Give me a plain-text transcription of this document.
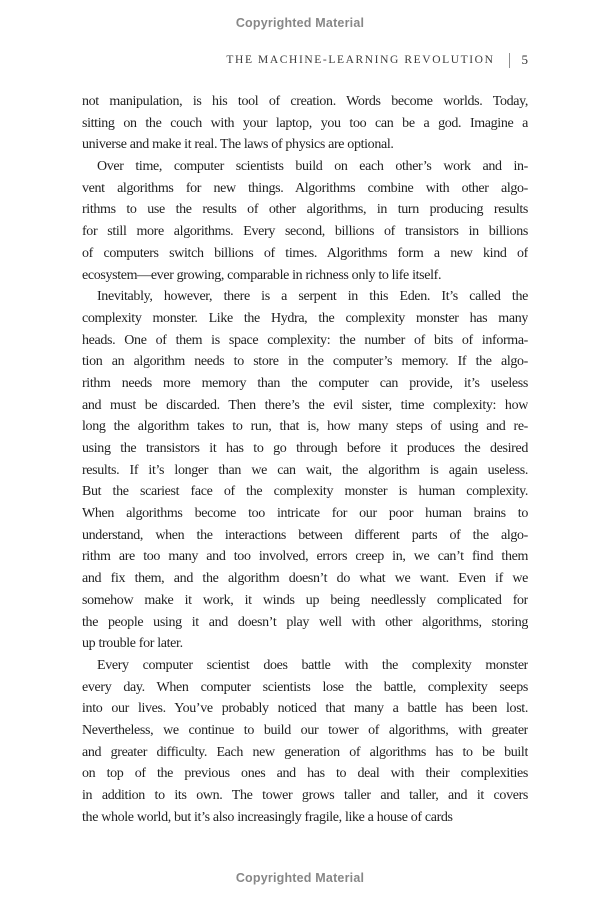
Copyrighted Material
THE MACHINE-LEARNING REVOLUTION 5
not manipulation, is his tool of creation. Words become worlds. Today,
sitting on the couch with your laptop, you too can be a god. Imagine a
universe and make it real. The laws of physics are optional.
Over time, computer scientists build on each other’s work and in-
vent algorithms for new things. Algorithms combine with other algo-
rithms to use the results of other algorithms, in turn producing results
for still more algorithms. Every second, billions of transistors in billions
of computers switch billions of times. Algorithms form a new kind of
ecosystem—ever growing, comparable in richness only to life itself.
Inevitably, however, there is a serpent in this Eden. It’s called the
complexity monster. Like the Hydra, the complexity monster has many
heads. One of them is space complexity: the number of bits of informa-
tion an algorithm needs to store in the computer’s memory. If the algo-
rithm needs more memory than the computer can provide, it’s useless
and must be discarded. Then there’s the evil sister, time complexity: how
long the algorithm takes to run, that is, how many steps of using and re-
using the transistors it has to go through before it produces the desired
results. If it’s longer than we can wait, the algorithm is again useless.
But the scariest face of the complexity monster is human complexity.
When algorithms become too intricate for our poor human brains to
understand, when the interactions between different parts of the algo-
rithm are too many and too involved, errors creep in, we can’t find them
and fix them, and the algorithm doesn’t do what we want. Even if we
somehow make it work, it winds up being needlessly complicated for
the people using it and doesn’t play well with other algorithms, storing
up trouble for later.
Every computer scientist does battle with the complexity monster
every day. When computer scientists lose the battle, complexity seeps
into our lives. You’ve probably noticed that many a battle has been lost.
Nevertheless, we continue to build our tower of algorithms, with greater
and greater difficulty. Each new generation of algorithms has to be built
on top of the previous ones and has to deal with their complexities
in addition to its own. The tower grows taller and taller, and it covers
the whole world, but it’s also increasingly fragile, like a house of cards
Copyrighted Material
